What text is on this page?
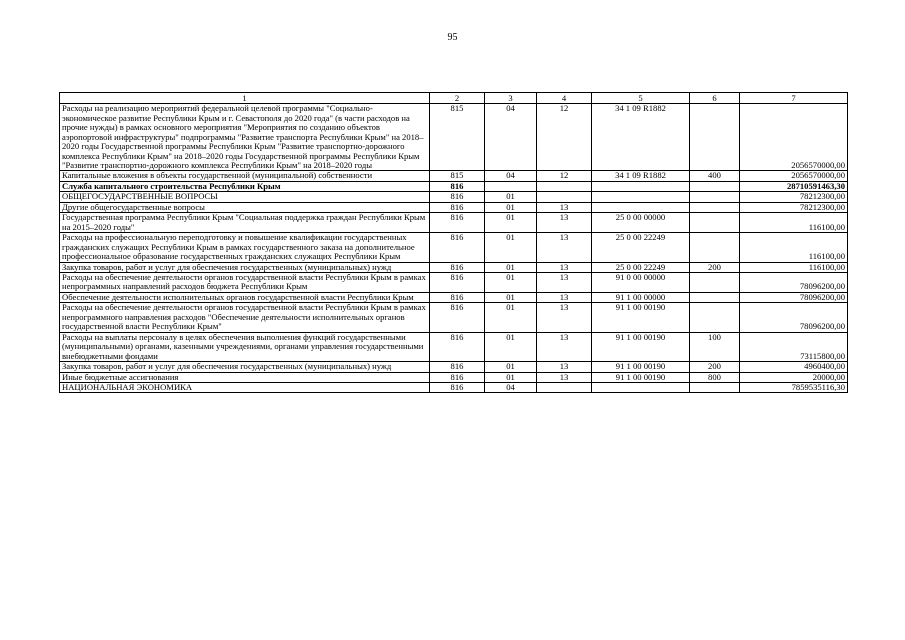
95
1	2	3	4	5	6	7
Расходы на реализацию мероприятий федеральной целевой программы "Социально-экономическое развитие Республики Крым и г. Севастополя до 2020 года" (в части расходов на прочие нужды) в рамках основного мероприятия "Мероприятия по созданию объектов аэропортовой инфраструктуры" подпрограммы "Развитие транспорта Республики Крым" на 2018–2020 годы Государственной программы Республики Крым "Развитие транспортно-дорожного комплекса Республики Крым" на 2018–2020 годы Государственной программы Республики Крым "Развитие транспортно-дорожного комплекса Республики Крым" на 2018–2020 годы	815	04	12	34 1 09 R1882		2056570000,00
Капитальные вложения в объекты государственной (муниципальной) собственности	815	04	12	34 1 09 R1882	400	2056570000,00
Служба капитального строительства Республики Крым	816					28710591463,30
ОБЩЕГОСУДАРСТВЕННЫЕ ВОПРОСЫ	816	01				78212300,00
Другие общегосударственные вопросы	816	01	13			78212300,00
Государственная программа Республики Крым "Социальная поддержка граждан Республики Крым на 2015–2020 годы"	816	01	13	25 0 00 00000		116100,00
Расходы на профессиональную переподготовку и повышение квалификации государственных гражданских служащих Республики Крым в рамках государственного заказа на дополнительное профессиональное образование государственных гражданских служащих Республики Крым	816	01	13	25 0 00 22249		116100,00
Закупка товаров, работ и услуг для обеспечения государственных (муниципальных) нужд	816	01	13	25 0 00 22249	200	116100,00
Расходы на обеспечение деятельности органов государственной власти Республики Крым в рамках непрограммных направлений расходов бюджета Республики Крым	816	01	13	91 0 00 00000		78096200,00
Обеспечение деятельности исполнительных органов государственной власти Республики Крым	816	01	13	91 1 00 00000		78096200,00
Расходы на обеспечение деятельности органов государственной власти Республики Крым в рамках непрограммного направления расходов "Обеспечение деятельности исполнительных органов государственной власти Республики Крым"	816	01	13	91 1 00 00190		78096200,00
Расходы на выплаты персоналу в целях обеспечения выполнения функций государственными (муниципальными) органами, казенными учреждениями, органами управления государственными внебюджетными фондами	816	01	13	91 1 00 00190	100	73115800,00
Закупка товаров, работ и услуг для обеспечения государственных (муниципальных) нужд	816	01	13	91 1 00 00190	200	4960400,00
Иные бюджетные ассигнования	816	01	13	91 1 00 00190	800	20000,00
НАЦИОНАЛЬНАЯ ЭКОНОМИКА	816	04				7859535116,30
